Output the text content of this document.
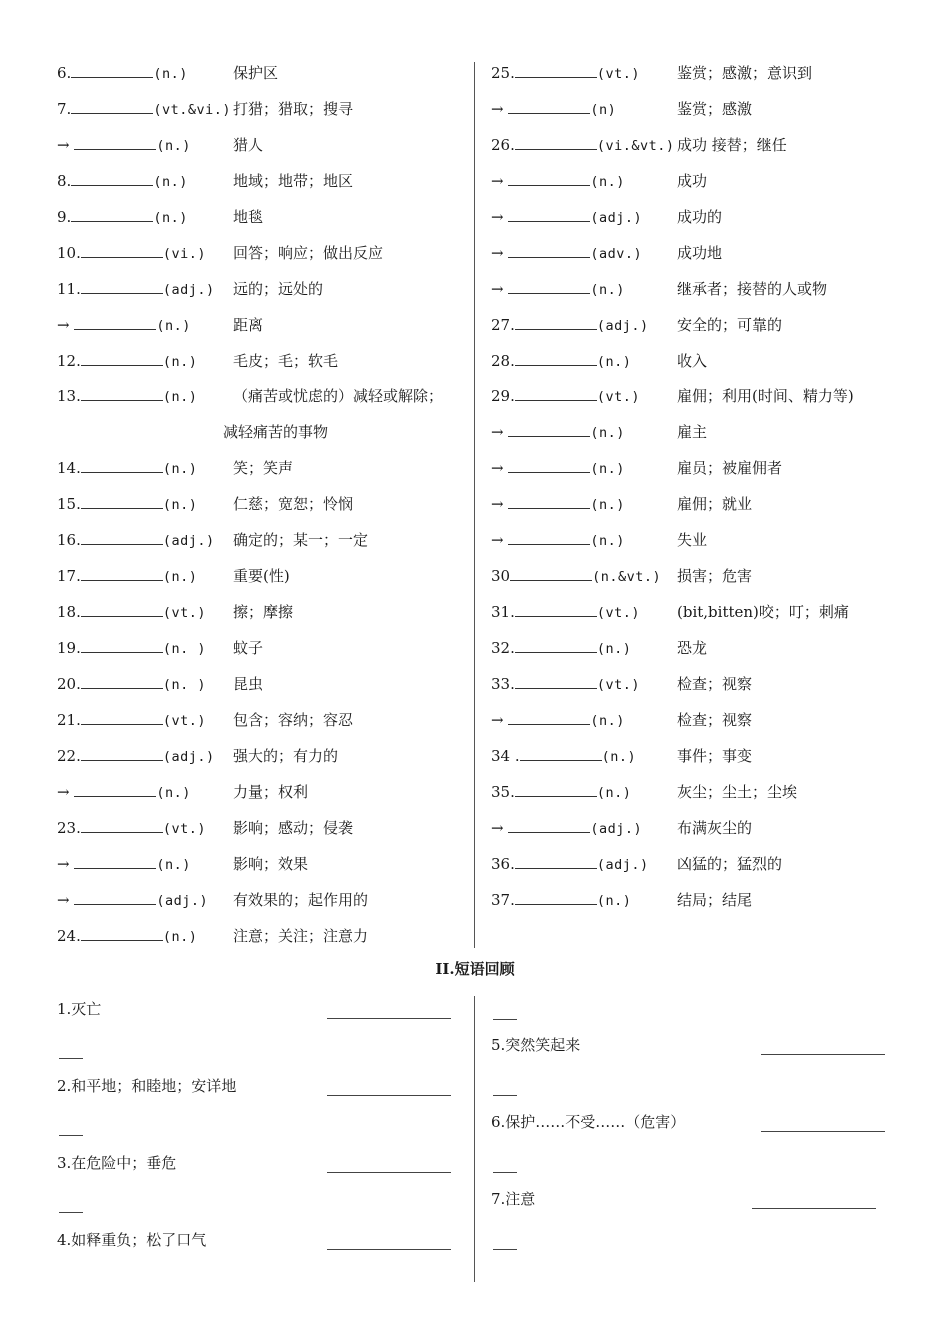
6.	(n.)	保护区
7.	(vt.&vi.) 打猎；猎取；搜寻
→	(n.)	猎人
8.	(n.)	地域；地带；地区
9.	(n.)	地毯
10.	(vi.) 回答；响应；做出反应
11.	(adj.) 远的；远处的
→	(n.)	距离
12.	(n.) 毛皮；毛；软毛
13.	(n.) （痛苦或忧虑的）减轻或解除；
减轻痛苦的事物
14.	(n.) 笑；笑声
15.	(n.) 仁慈；宽恕；怜悯
16.	(adj.) 确定的；某一；一定
17.	(n.) 重要(性)
18.	(vt.) 擦；摩擦
19.	(n. ) 蚊子
20.	(n. ) 昆虫
21.	(vt.) 包含；容纳；容忍
22.	(adj.) 强大的；有力的
→	(n.)	力量；权利
23.	(vt.) 影响；感动；侵袭
→	(n.)	影响；效果
→	(adj.) 有效果的；起作用的
24.	(n.) 注意；关注；注意力
25.	(vt.) 鉴赏；感激；意识到
→	(n)	鉴赏；感激
26.	(vi.&vt.) 成功 接替；继任
→	(n.)	成功
→	(adj.) 成功的
→	(adv.) 成功地
→	(n.)	继承者；接替的人或物
27.	(adj.) 安全的；可靠的
28.	(n.)	收入
29.	(vt.) 雇佣；利用(时间、精力等)
→	(n.)	雇主
→	(n.)	雇员；被雇佣者
→	(n.)	雇佣；就业
→	(n.)	失业
30	(n.&vt.) 损害；危害
31.	(vt.) (bit,bitten)咬；叮；刺痛
32.	(n.)	恐龙
33.	(vt.) 检查；视察
→	(n.)	检查；视察
34 .	(n.)	事件；事变
35.	(n.)	灰尘；尘土；尘埃
→	(adj.) 布满灰尘的
36.	(adj.) 凶猛的；猛烈的
37.	(n.)	结局；结尾
II.短语回顾
1.灭亡
2.和平地；和睦地；安详地
3.在危险中；垂危
4.如释重负；松了口气
5.突然笑起来
6.保护……不受……（危害）
7.注意
